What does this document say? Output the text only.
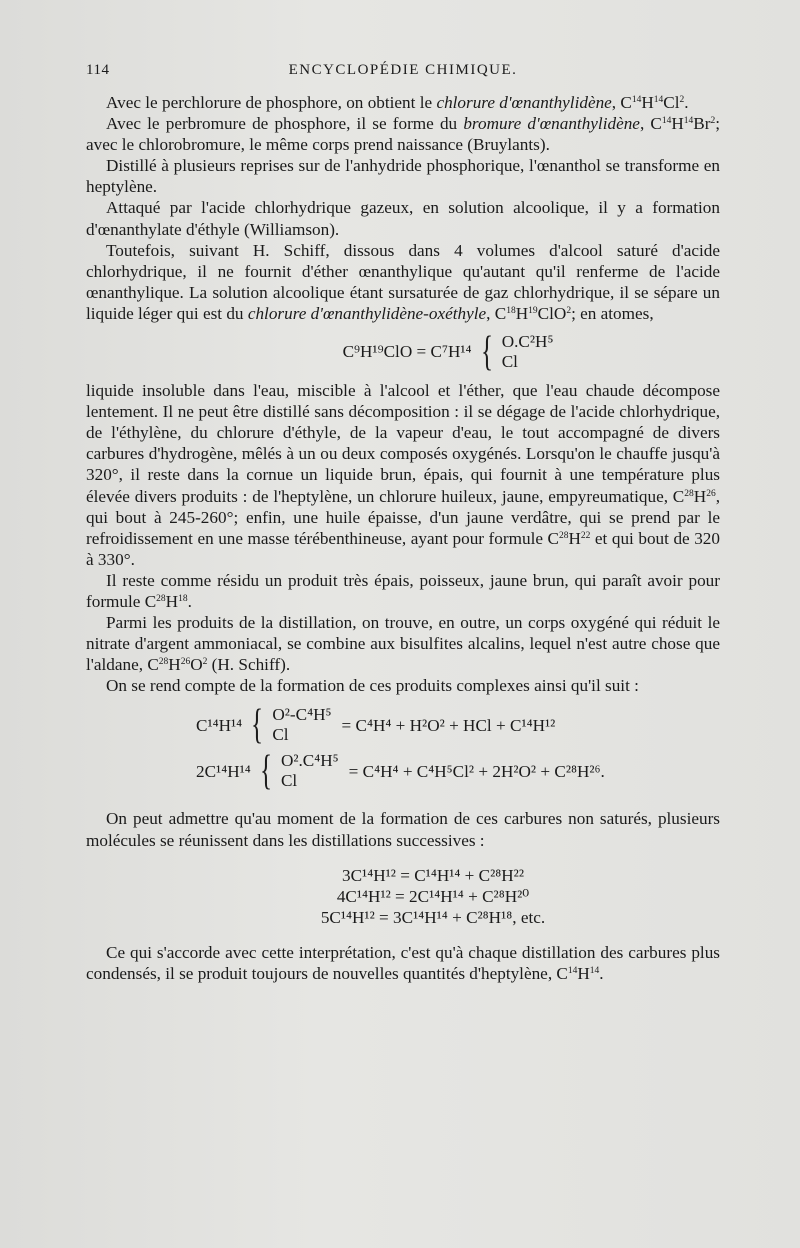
114	ENCYCLOPÉDIE CHIMIQUE.

Avec le perchlorure de phosphore, on obtient le chlorure d'œnanthylidène, $C^{14}H^{14}Cl^2$.

Avec le perbromure de phosphore, il se forme du bromure d'œnanthylidène, $C^{14}H^{14}Br^2$; avec le chlorobromure, le même corps prend naissance (Bruylants).

Distillé à plusieurs reprises sur de l'anhydride phosphorique, l'œnanthol se transforme en heptylène.

Attaqué par l'acide chlorhydrique gazeux, en solution alcoolique, il y a formation d'œnanthylate d'éthyle (Williamson).

Toutefois, suivant H. Schiff, dissous dans 4 volumes d'alcool saturé d'acide chlorhydrique, il ne fournit d'éther œnanthylique qu'autant qu'il renferme de l'acide œnanthylique. La solution alcoolique étant sursaturée de gaz chlorhydrique, il se sépare un liquide léger qui est du chlorure d'œnanthylidène-oxéthyle, $C^{18}H^{19}ClO^2$; en atomes,

C⁹H¹⁹ClO = C⁷H¹⁴ { O.C²H⁵
Cl

liquide insoluble dans l'eau, miscible à l'alcool et l'éther, que l'eau chaude décompose lentement. Il ne peut être distillé sans décomposition : il se dégage de l'acide chlorhydrique, de l'éthylène, du chlorure d'éthyle, de la vapeur d'eau, le tout accompagné de divers carbures d'hydrogène, mêlés à un ou deux composés oxygénés. Lorsqu'on le chauffe jusqu'à 320°, il reste dans la cornue un liquide brun, épais, qui fournit à une température plus élevée divers produits : de l'heptylène, un chlorure huileux, jaune, empyreumatique, $C^{28}H^{26}$, qui bout à 245-260°; enfin, une huile épaisse, d'un jaune verdâtre, qui se prend par le refroidissement en une masse térébenthineuse, ayant pour formule $C^{28}H^{22}$ et qui bout de 320 à 330°.

Il reste comme résidu un produit très épais, poisseux, jaune brun, qui paraît avoir pour formule $C^{28}H^{18}$.

Parmi les produits de la distillation, on trouve, en outre, un corps oxygéné qui réduit le nitrate d'argent ammoniacal, se combine aux bisulfites alcalins, lequel n'est autre chose que l'aldane, $C^{28}H^{26}O^2$ (H. Schiff).

On se rend compte de la formation de ces produits complexes ainsi qu'il suit :

C¹⁴H¹⁴ { O²-C⁴H⁵
Cl
= C⁴H⁴ + H²O² + HCl + C¹⁴H¹²
2C¹⁴H¹⁴ { O².C⁴H⁵
Cl
= C⁴H⁴ + C⁴H⁵Cl² + 2H²O² + C²⁸H²⁶.

On peut admettre qu'au moment de la formation de ces carbures non saturés, plusieurs molécules se réunissent dans les distillations successives :

3C¹⁴H¹² = C¹⁴H¹⁴ + C²⁸H²²
4C¹⁴H¹² = 2C¹⁴H¹⁴ + C²⁸H²⁰
5C¹⁴H¹² = 3C¹⁴H¹⁴ + C²⁸H¹⁸, etc.

Ce qui s'accorde avec cette interprétation, c'est qu'à chaque distillation des carbures plus condensés, il se produit toujours de nouvelles quantités d'heptylène, $C^{14}H^{14}$.
